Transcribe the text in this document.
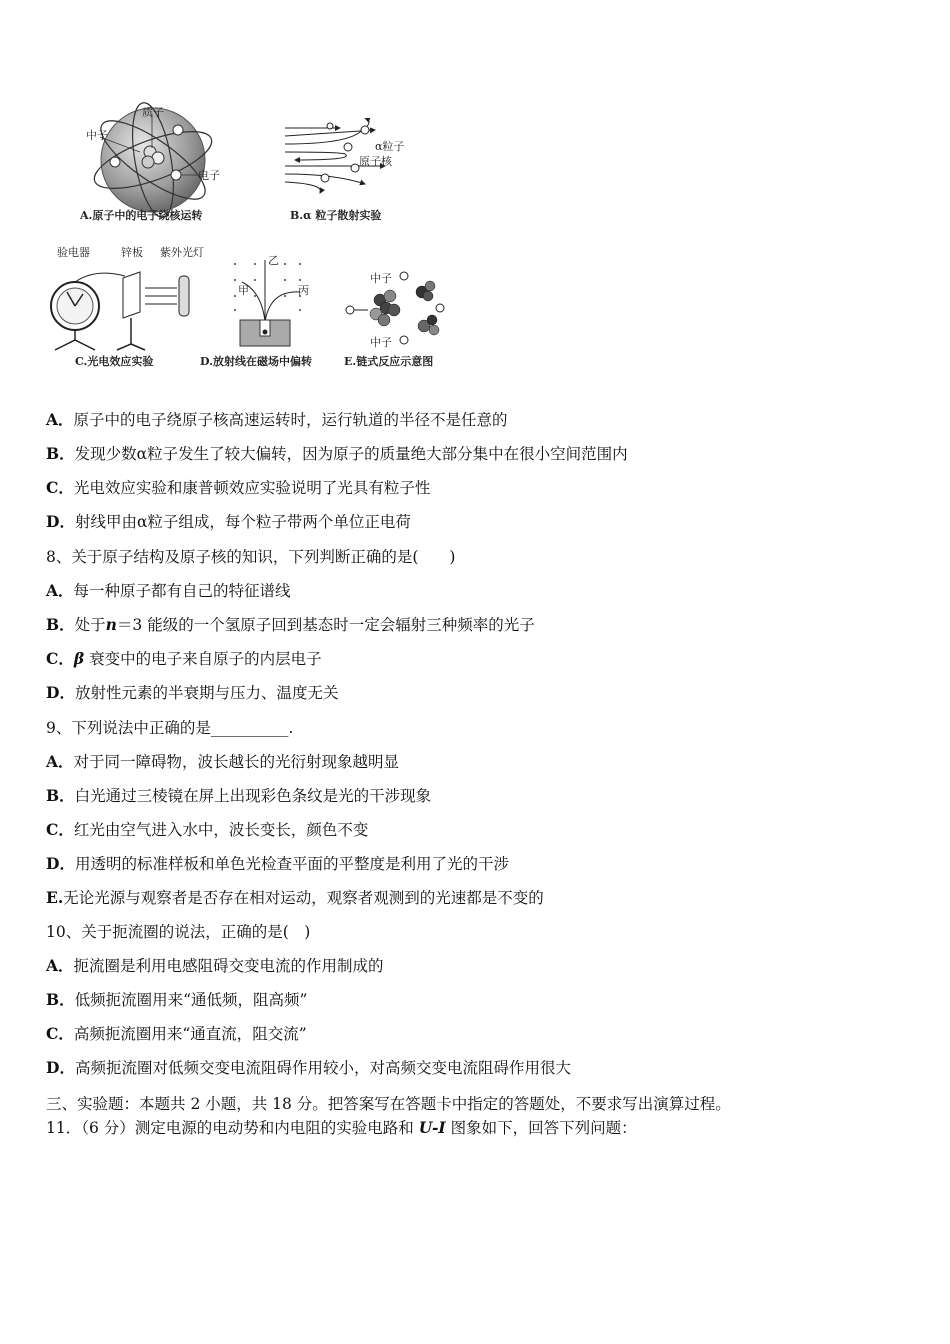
质子
中子
电子
A.原子中的电子绕核运转
α粒子
原子核
B.α 粒子散射实验
验电器	锌板 紫外光灯
C.光电效应实验
甲
乙
丙
D.放射线在磁场中偏转
中子
中子
E.链式反应示意图
A．原子中的电子绕原子核高速运转时，运行轨道的半径不是任意的
B．发现少数α粒子发生了较大偏转，因为原子的质量绝大部分集中在很小空间范围内
C．光电效应实验和康普顿效应实验说明了光具有粒子性
D．射线甲由α粒子组成，每个粒子带两个单位正电荷
8、关于原子结构及原子核的知识，下列判断正确的是(　　)
A．每一种原子都有自己的特征谱线
B．处于n＝3 能级的一个氢原子回到基态时一定会辐射三种频率的光子
C．β 衰变中的电子来自原子的内层电子
D．放射性元素的半衰期与压力、温度无关
9、下列说法中正确的是__________.
A．对于同一障碍物，波长越长的光衍射现象越明显
B．白光通过三棱镜在屏上出现彩色条纹是光的干涉现象
C．红光由空气进入水中，波长变长，颜色不变
D．用透明的标准样板和单色光检查平面的平整度是利用了光的干涉
E.无论光源与观察者是否存在相对运动，观察者观测到的光速都是不变的
10、关于扼流圈的说法，正确的是(　)
A．扼流圈是利用电感阻碍交变电流的作用制成的
B．低频扼流圈用来“通低频，阻高频”
C．高频扼流圈用来“通直流，阻交流”
D．高频扼流圈对低频交变电流阻碍作用较小，对高频交变电流阻碍作用很大
三、实验题：本题共 2 小题，共 18 分。把答案写在答题卡中指定的答题处，不要求写出演算过程。
11．（6 分）测定电源的电动势和内电阻的实验电路和 U-I 图象如下，回答下列问题：
